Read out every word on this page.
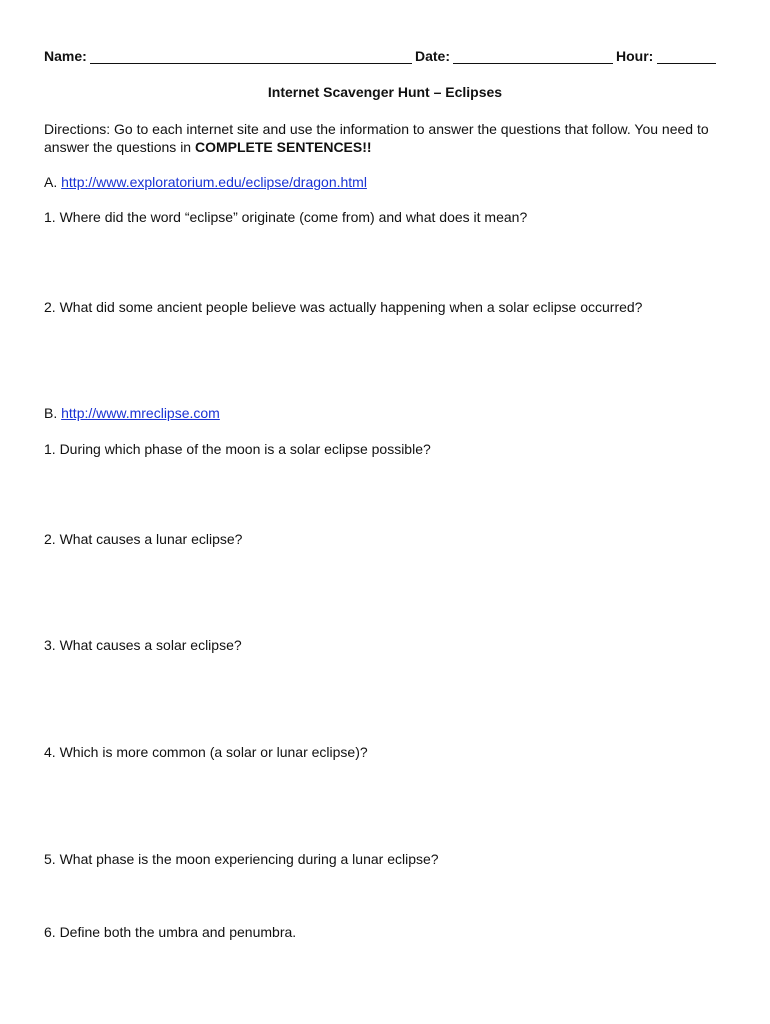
Name:	Date:	Hour:
Internet Scavenger Hunt – Eclipses
Directions: Go to each internet site and use the information to answer the questions that follow. You need to answer the questions in COMPLETE SENTENCES!!
A. http://www.exploratorium.edu/eclipse/dragon.html
1. Where did the word “eclipse” originate (come from) and what does it mean?
2. What did some ancient people believe was actually happening when a solar eclipse occurred?
B. http://www.mreclipse.com
1. During which phase of the moon is a solar eclipse possible?
2. What causes a lunar eclipse?
3. What causes a solar eclipse?
4. Which is more common (a solar or lunar eclipse)?
5. What phase is the moon experiencing during a lunar eclipse?
6. Define both the umbra and penumbra.
